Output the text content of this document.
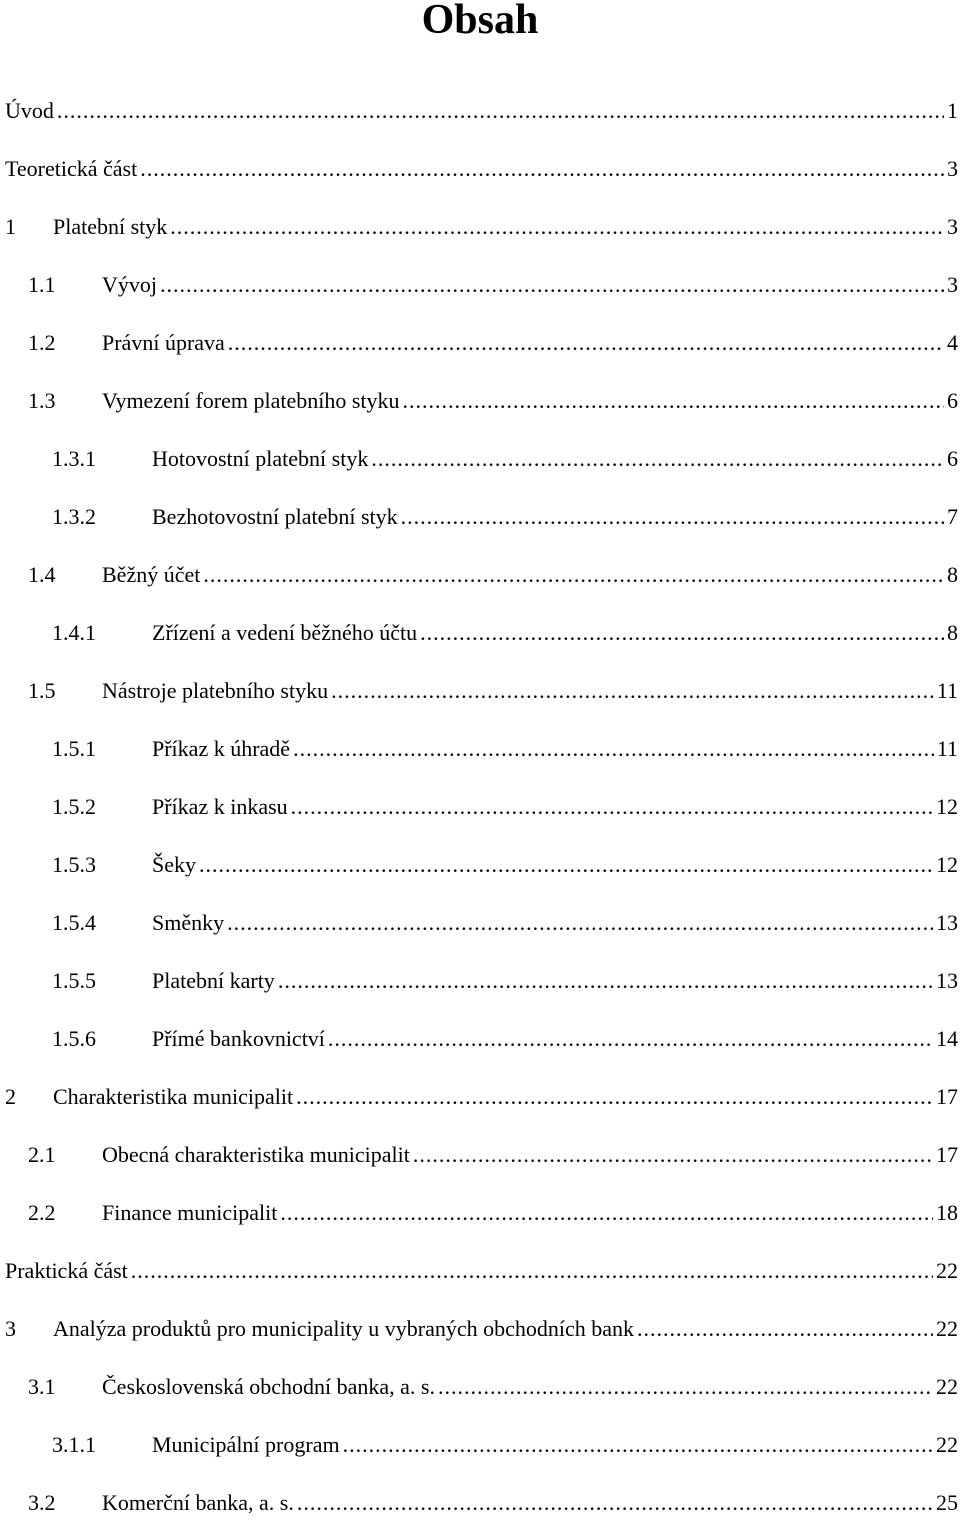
Obsah
Úvod .....	1
Teoretická část .....	3
1	Platební styk .....	3
1.1	Vývoj .....	3
1.2	Právní úprava .....	4
1.3	Vymezení forem platebního styku .....	6
1.3.1	Hotovostní platební styk .....	6
1.3.2	Bezhotovostní platební styk .....	7
1.4	Běžný účet .....	8
1.4.1	Zřízení a vedení běžného účtu .....	8
1.5	Nástroje platebního styku .....	11
1.5.1	Příkaz k úhradě .....	11
1.5.2	Příkaz k inkasu .....	12
1.5.3	Šeky .....	12
1.5.4	Směnky .....	13
1.5.5	Platební karty .....	13
1.5.6	Přímé bankovnictví .....	14
2	Charakteristika municipalit .....	17
2.1	Obecná charakteristika municipalit .....	17
2.2	Finance municipalit .....	18
Praktická část .....	22
3	Analýza produktů pro municipality u vybraných obchodních bank .....	22
3.1	Československá obchodní banka, a. s. .....	22
3.1.1	Municipální program .....	22
3.2	Komerční banka, a. s. .....	25
